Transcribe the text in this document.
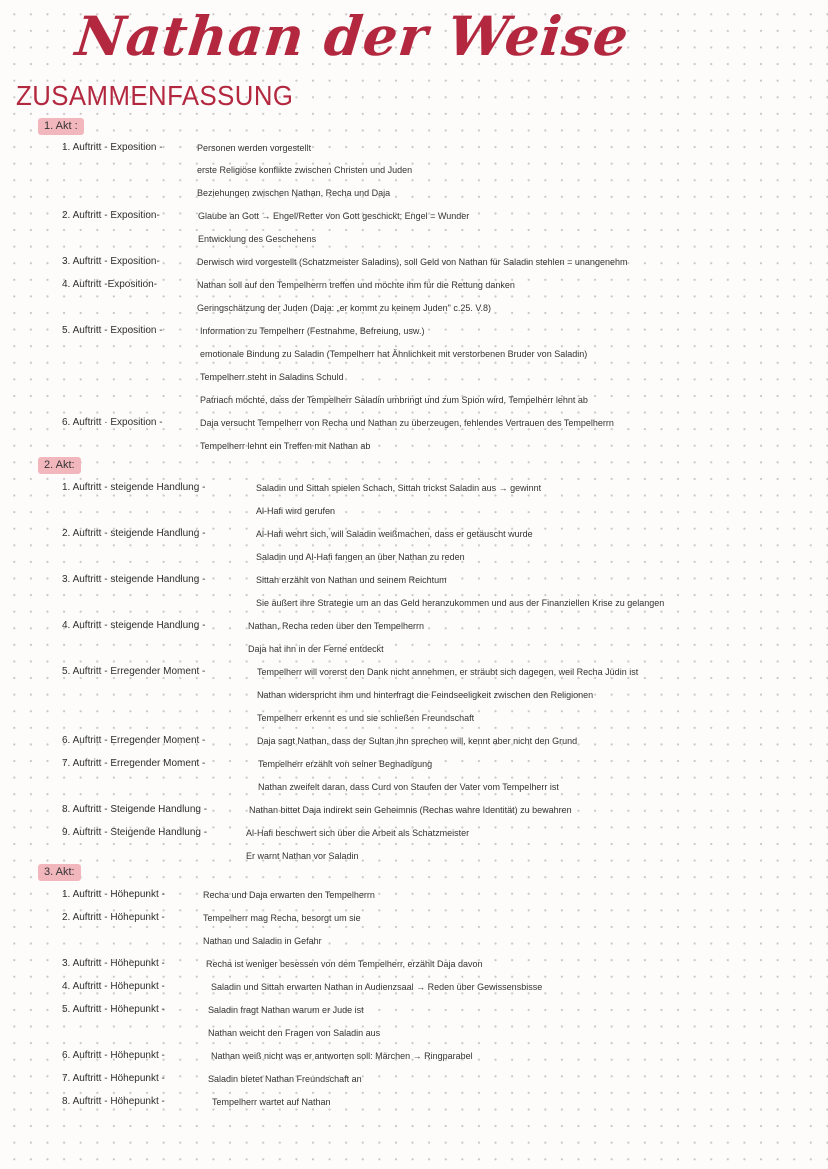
Nathan der Weise
ZUSAMMENFASSUNG
1. Akt :
1. Auftritt - Exposition -	Personen werden vorgestellt
erste Religiöse konflikte zwischen Christen und Juden
Beziehungen zwischen Nathan, Recha und Daja
2. Auftritt - Exposition-	Glaube an Gott → Engel/Retter von Gott geschickt; Engel = Wunder
Entwicklung des Geschehens
3. Auftritt - Exposition-	Derwisch wird vorgestellt (Schatzmeister Saladins), soll Geld von Nathan für Saladin stehlen = unangenehm
4. Auftritt -Exposition-	Nathan soll auf den Tempelherrn treffen und möchte ihm für die Rettung danken
Geringschätzung der Juden (Daja: „er kommt zu keinem Juden" c.25. V.8)
5. Auftritt - Exposition -	Information zu Tempelherr (Festnahme, Befreiung, usw.)
emotionale Bindung zu Saladin (Tempelherr hat Ähnlichkeit mit verstorbenen Bruder von Saladin)
Tempelherr steht in Saladins Schuld
Patriach möchte, dass der Tempelherr Saladin umbringt und zum Spion wird, Tempelherr lehnt ab
6. Auftritt · Exposition -	Daja versucht Tempelherr von Recha und Nathan zu überzeugen, fehlendes Vertrauen des Tempelherrn
Tempelherr lehnt ein Treffen mit Nathan ab
2. Akt:
1. Auftritt - steigende Handlung -	Saladin und Sittah spielen Schach, Sittah trickst Saladin aus → gewinnt
Al-Hafi wird gerufen
2. Auftritt - steigende Handlung -	Al-Hafi wehrt sich, will Saladin weißmachen, dass er getäuscht wurde
Saladin und Al-Hafi fangen an über Nathan zu reden
3. Auftritt - steigende Handlung -	Sittah erzählt von Nathan und seinem Reichtum
Sie äußert ihre Strategie um an das Geld heranzukommen und aus der Finanziellen Krise zu gelangen
4. Auftritt - steigende Handlung -	Nathan, Recha reden über den Tempelherrn
Daja hat ihn in der Ferne entdeckt
5. Auftritt - Erregender Moment -	Tempelherr will vorerst den Dank nicht annehmen, er sträubt sich dagegen, weil Recha Jüdin ist
Nathan widerspricht ihm und hinterfragt die Feindseeligkeit zwischen den Religionen
Tempelherr erkennt es und sie schließen Freundschaft
6. Auftritt - Erregender Moment -	Daja sagt Nathan, dass der Sultan ihn sprechen will, kennt aber nicht den Grund
7. Auftritt - Erregender Moment -	Tempelherr erzählt von seiner Begnadigung
Nathan zweifelt daran, dass Curd von Staufen der Vater vom Tempelherr ist
8. Auftritt - Steigende Handlung -	Nathan bittet Daja indirekt sein Geheimnis (Rechas wahre Identität) zu bewahren
9. Auftritt - Steigende Handlung -	Al-Hafi beschwert sich über die Arbeit als Schatzmeister
Er warnt Nathan vor Saladin
3. Akt:
1. Auftritt - Höhepunkt -	Recha und Daja erwarten den Tempelherrn
2. Auftritt - Höhepunkt -	Tempelherr mag Recha, besorgt um sie
Nathan und Saladin in Gefahr
3. Auftritt - Höhepunkt -	Recha ist weniger besessen von dem Tempelherr, erzählt Daja davon
4. Auftritt - Höhepunkt -	Saladin und Sittah erwarten Nathan in Audienzsaal → Reden über Gewissensbisse
5. Auftritt - Höhepunkt -	Saladin fragt Nathan warum er Jude ist
Nathan weicht den Fragen von Saladin aus
6. Auftritt - Höhepunkt -	Nathan weiß nicht was er antworten soll: Märchen → Ringparabel
7. Auftritt - Höhepunkt -	Saladin bietet Nathan Freundschaft an
8. Auftritt - Höhepunkt -	Tempelherr wartet auf Nathan
